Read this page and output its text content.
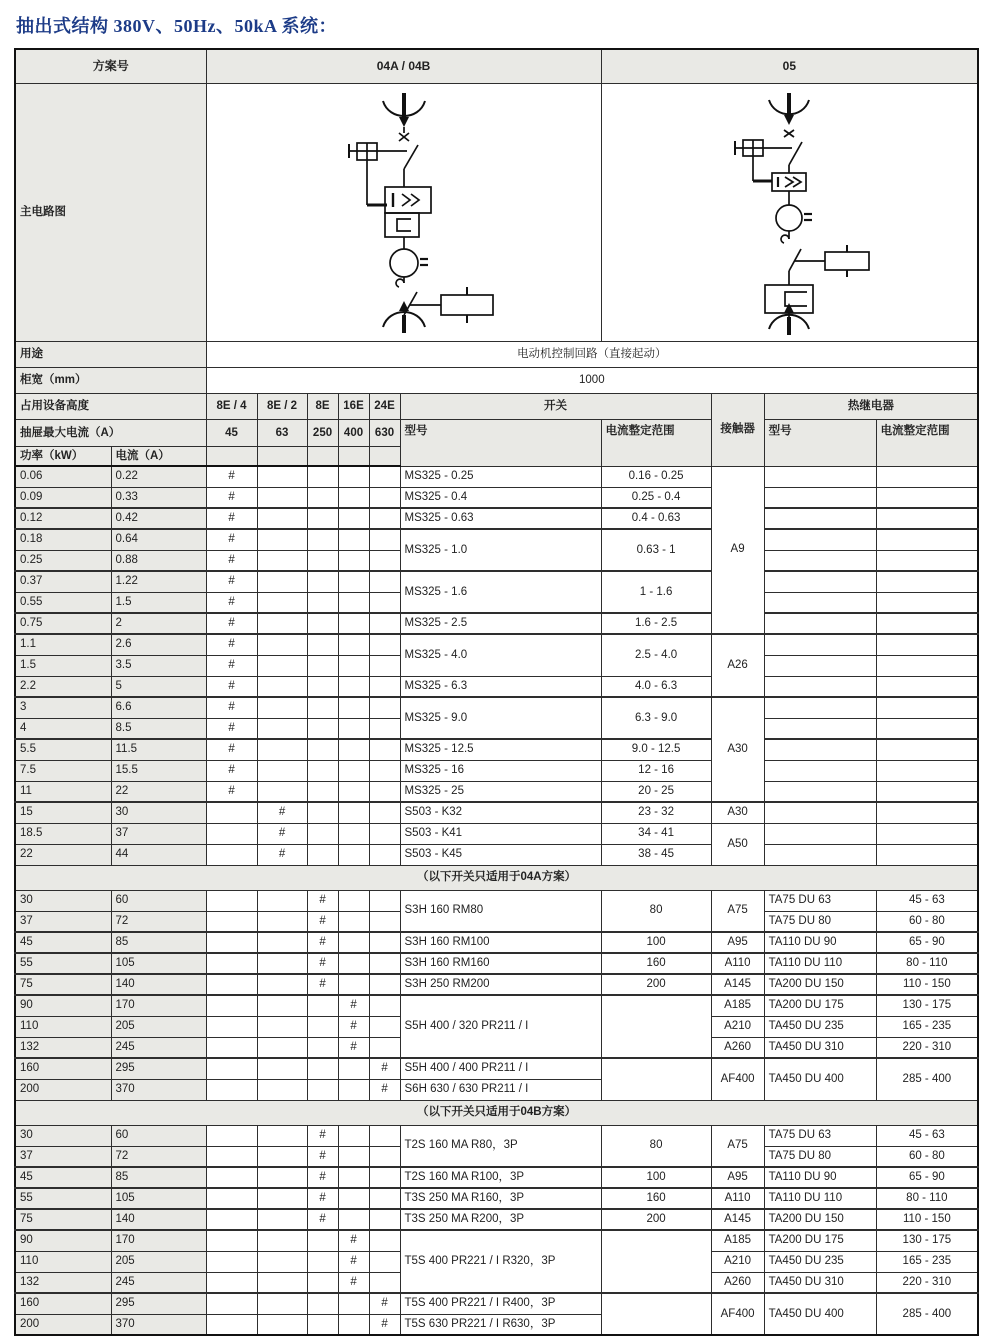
抽出式结构 380V、50Hz、50kA 系统：
方案号		04A / 04B						05			
主电路图	

用途		电动机控制回路（直接起动）									
柜宽（mm）		1000									
占用设备高度		8E / 4	8E / 2	8E	16E	24E	开关		接触器	热继电器	
抽屉最大电流（A）		45	63	250	400	630	型号	电流整定范围		型号	电流整定范围
功率（kW）	电流（A）										
0.06	0.22	#					MS325 - 0.25	0.16 - 0.25	A9		
0.09	0.33	#					MS325 - 0.4	0.25 - 0.4			
0.12	0.42	#					MS325 - 0.63	0.4 - 0.63			
0.18	0.64	#					MS325 - 1.0	0.63 - 1			
0.25	0.88	#									
0.37	1.22	#					MS325 - 1.6	1 - 1.6			
0.55	1.5	#									
0.75	2	#					MS325 - 2.5	1.6 - 2.5			
1.1	2.6	#					MS325 - 4.0	2.5 - 4.0	A26		
1.5	3.5	#									
2.2	5	#					MS325 - 6.3	4.0 - 6.3			
3	6.6	#					MS325 - 9.0	6.3 - 9.0	A30		
4	8.5	#									
5.5	11.5	#					MS325 - 12.5	9.0 - 12.5			
7.5	15.5	#					MS325 - 16	12 - 16			
11	22	#					MS325 - 25	20 - 25			
15	30		#				S503 - K32	23 - 32	A30		
18.5	37		#				S503 - K41	34 - 41	A50		
22	44		#				S503 - K45	38 - 45			
（以下开关只适用于04A方案）											
30	60			#			S3H 160 RM80	80	A75	TA75 DU 63	45 - 63
37	72			#						TA75 DU 80	60 - 80
45	85			#			S3H 160 RM100	100	A95	TA110 DU 90	65 - 90
55	105			#			S3H 160 RM160	160	A110	TA110 DU 110	80 - 110
75	140			#			S3H 250 RM200	200	A145	TA200 DU 150	110 - 150
90	170				#		S5H 400 / 320 PR211 / I		A185	TA200 DU 175	130 - 175
110	205				#				A210	TA450 DU 235	165 - 235
132	245				#				A260	TA450 DU 310	220 - 310
160	295					#	S5H 400 / 400 PR211 / I		AF400	TA450 DU 400	285 - 400
200	370					#	S6H 630 / 630 PR211 / I				
（以下开关只适用于04B方案）											
30	60			#			T2S 160 MA R80，3P	80	A75	TA75 DU 63	45 - 63
37	72			#						TA75 DU 80	60 - 80
45	85			#			T2S 160 MA R100，3P	100	A95	TA110 DU 90	65 - 90
55	105			#			T3S 250 MA R160，3P	160	A110	TA110 DU 110	80 - 110
75	140			#			T3S 250 MA R200，3P	200	A145	TA200 DU 150	110 - 150
90	170				#		T5S 400 PR221 / I R320，3P		A185	TA200 DU 175	130 - 175
110	205				#				A210	TA450 DU 235	165 - 235
132	245				#				A260	TA450 DU 310	220 - 310
160	295					#	T5S 400 PR221 / I R400，3P		AF400	TA450 DU 400	285 - 400
200	370					#	T5S 630 PR221 / I R630，3P				
